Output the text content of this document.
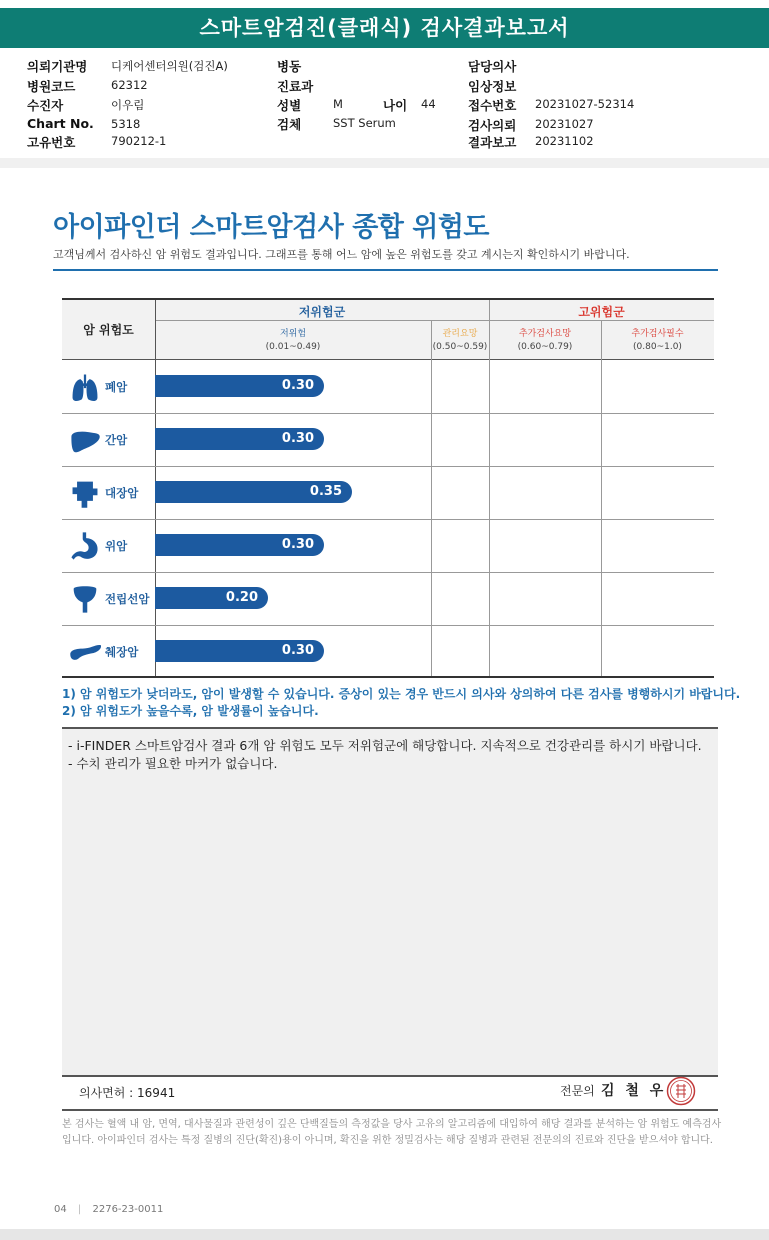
스마트암검진(클래식) 검사결과보고서
의뢰기관명 디케어센터의원(검진A)
병원코드	62312
수진자	이우림
Chart No. 5318
고유번호	790212-1
병동
진료과
성별	M	나이 44
검체	SST Serum
담당의사
임상정보
접수번호 20231027-52314
검사의뢰 20231027
결과보고 20231102
아이파인더 스마트암검사 종합 위험도
고객님께서 검사하신 암 위험도 결과입니다. 그래프를 통해 어느 암에 높은 위험도를 갖고 계시는지 확인하시기 바랍니다.
암 위험도
저위험군	고위험군
저위험
(0.01~0.49)
관리요망
(0.50~0.59)
추가검사요망
(0.60~0.79)
추가검사필수
(0.80~1.0)
폐암	0.30
간암	0.30
대장암	0.35
위암	0.30
전립선암	0.20
췌장암	0.30
1) 암 위험도가 낮더라도, 암이 발생할 수 있습니다. 증상이 있는 경우 반드시 의사와 상의하여 다른 검사를 병행하시기 바랍니다.
2) 암 위험도가 높을수록, 암 발생률이 높습니다.
- i-FINDER 스마트암검사 결과 6개 암 위험도 모두 저위험군에 해당합니다. 지속적으로 건강관리를 하시기 바랍니다.
- 수치 관리가 필요한 마커가 없습니다.
의사면허 : 16941	전문의 김 철 우
본 검사는 혈액 내 암, 면역, 대사물질과 관련성이 깊은 단백질들의 측정값을 당사 고유의 알고리즘에 대입하여 해당 결과를 분석하는 암 위험도 예측검사입니다. 아이파인더 검사는 특정 질병의 진단(확진)용이 아니며, 확진을 위한 정밀검사는 해당 질병과 관련된 전문의의 진료와 진단을 받으셔야 합니다.
04 | 2276-23-0011
